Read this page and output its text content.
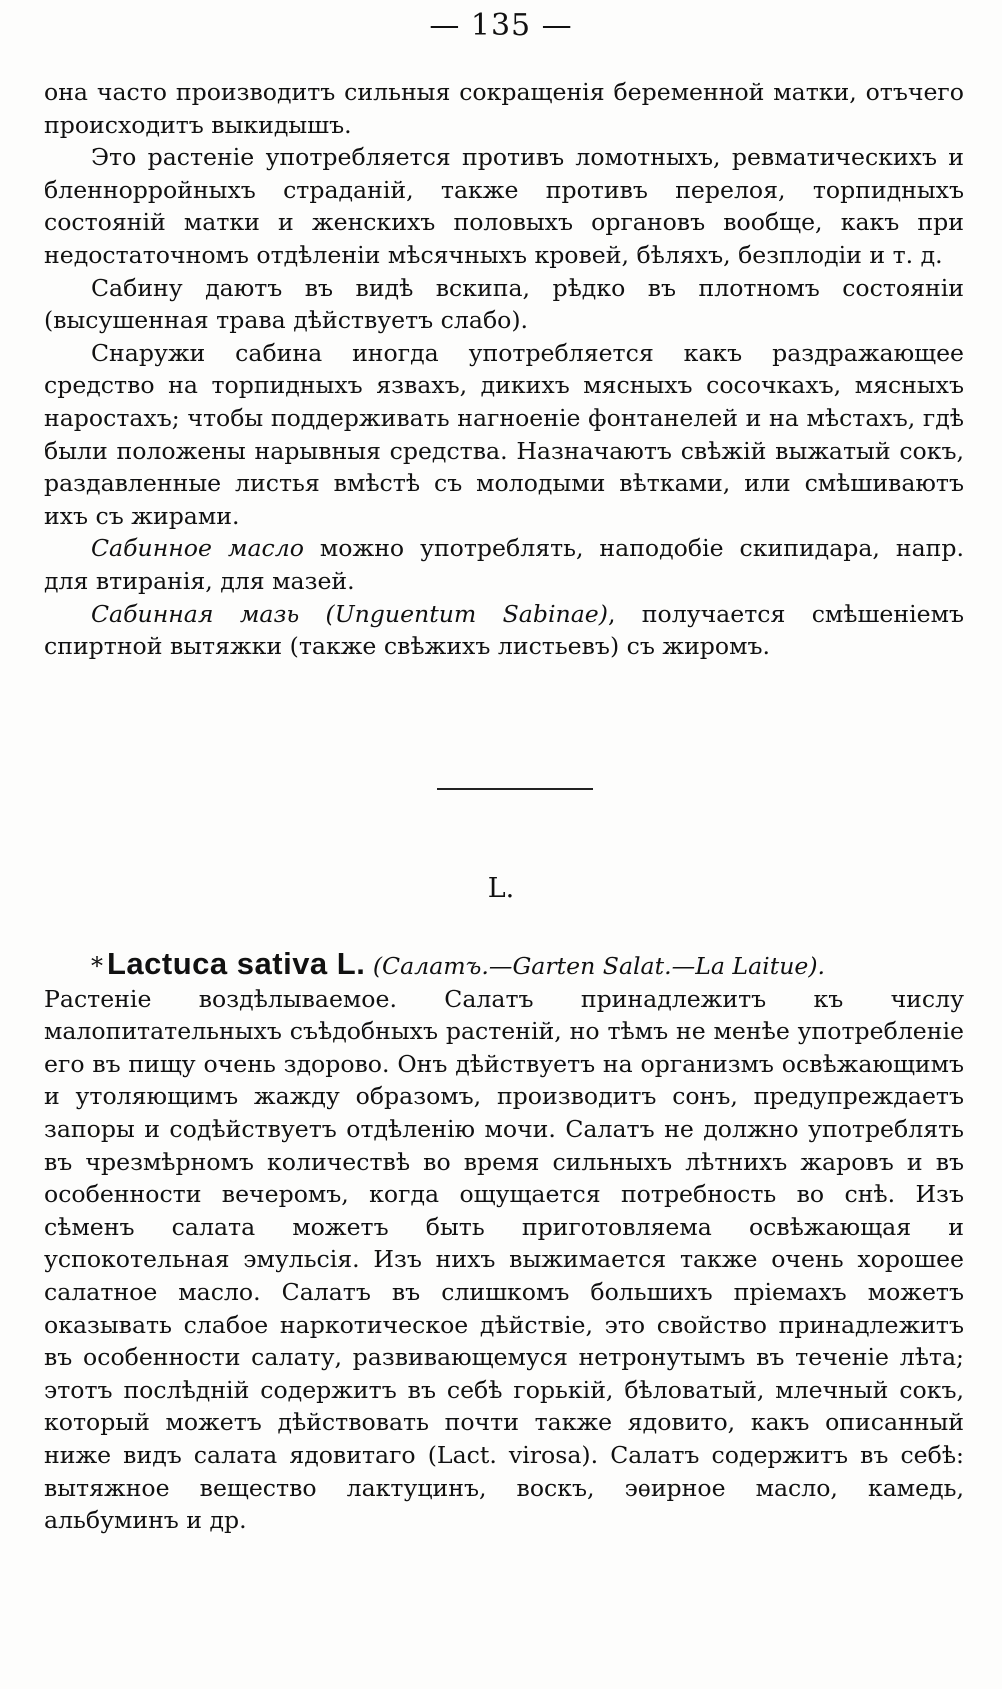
— 135 —

она часто производитъ сильныя сокращенія беременной матки, отъчего происходитъ выкидышъ.

Это растеніе употребляется противъ ломотныхъ, ревматическихъ и бленнорройныхъ страданій, также противъ перелоя, торпидныхъ состояній матки и женскихъ половыхъ органовъ вообще, какъ при недостаточномъ отдѣленіи мѣсячныхъ кровей, бѣляхъ, безплодіи и т. д.

Сабину даютъ въ видѣ вскипа, рѣдко въ плотномъ состояніи (высушенная трава дѣйствуетъ слабо).

Снаружи сабина иногда употребляется какъ раздражающее средство на торпидныхъ язвахъ, дикихъ мясныхъ сосочкахъ, мясныхъ наростахъ; чтобы поддерживать нагноеніе фонтанелей и на мѣстахъ, гдѣ были положены нарывныя средства. Назначаютъ свѣжій выжатый сокъ, раздавленные листья вмѣстѣ съ молодыми вѣтками, или смѣшиваютъ ихъ съ жирами.

Сабинное масло можно употреблять, наподобіе скипидара, напр. для втиранія, для мазей.

Сабинная мазь (Unguentum Sabinae), получается смѣшеніемъ спиртной вытяжки (также свѣжихъ листьевъ) съ жиромъ.

L.

* Lactuca sativa L. (Салатъ.—Garten Salat.—La Laitue).

Растеніе воздѣлываемое. Салатъ принадлежитъ къ числу малопитательныхъ съѣдобныхъ растеній, но тѣмъ не менѣе употребленіе его въ пищу очень здорово. Онъ дѣйствуетъ на организмъ освѣжающимъ и утоляющимъ жажду образомъ, производитъ сонъ, предупреждаетъ запоры и содѣйствуетъ отдѣленію мочи. Салатъ не должно употреблять въ чрезмѣрномъ количествѣ во время сильныхъ лѣтнихъ жаровъ и въ особенности вечеромъ, когда ощущается потребность во снѣ. Изъ сѣменъ салата можетъ быть приготовляема освѣжающая и успокотельная эмульсія. Изъ нихъ выжимается также очень хорошее салатное масло. Салатъ въ слишкомъ большихъ пріемахъ можетъ оказывать слабое наркотическое дѣйствіе, это свойство принадлежитъ въ особенности салату, развивающемуся нетронутымъ въ теченіе лѣта; этотъ послѣдній содержитъ въ себѣ горькій, бѣловатый, млечный сокъ, который можетъ дѣйствовать почти также ядовито, какъ описанный ниже видъ салата ядовитаго (Lact. virosa). Салатъ содержитъ въ себѣ: вытяжное вещество лактуцинъ, воскъ, эѳирное масло, камедь, альбуминъ и др.
